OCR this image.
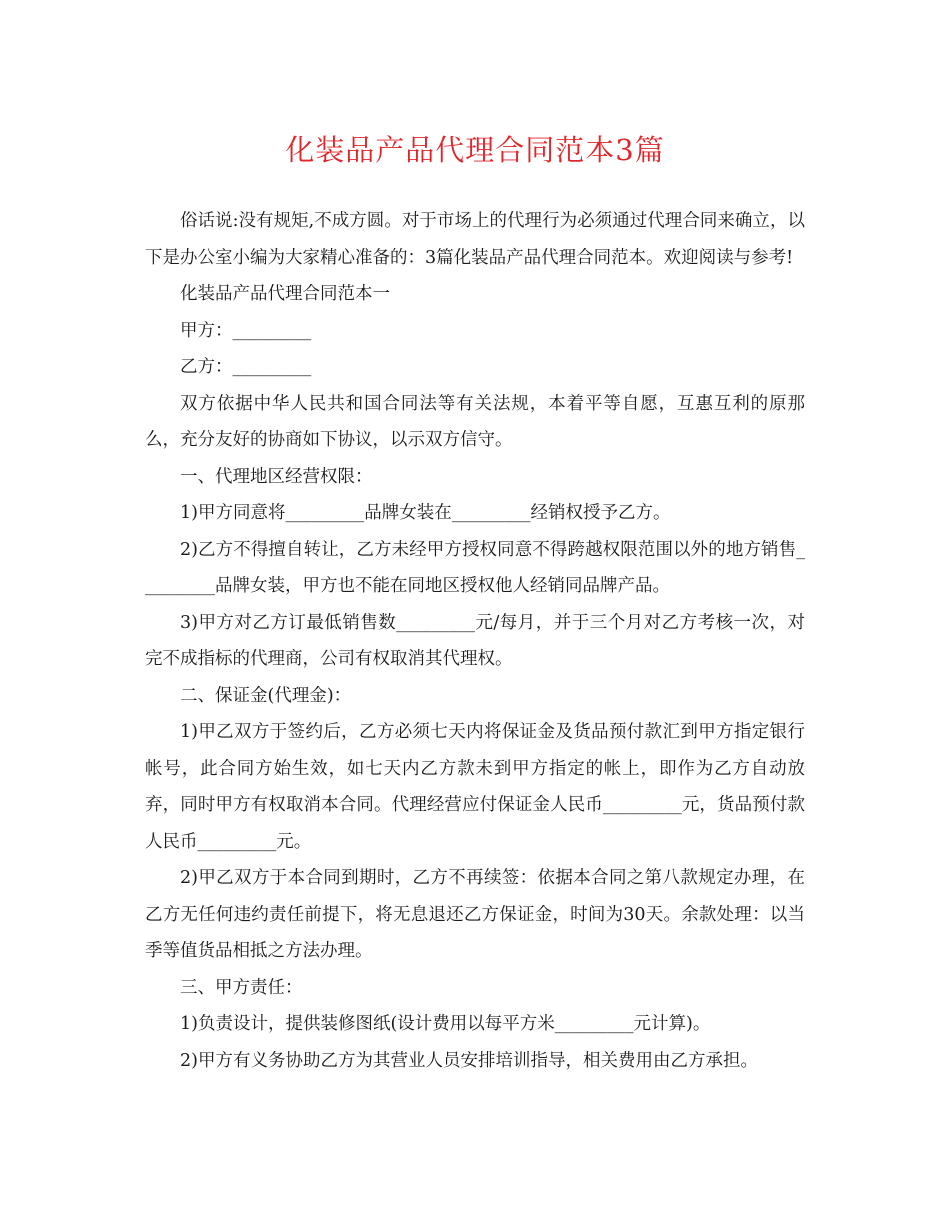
化装品产品代理合同范本3篇

俗话说:没有规矩,不成方圆。对于市场上的代理行为必须通过代理合同来确立，以下是办公室小编为大家精心准备的：3篇化装品产品代理合同范本。欢迎阅读与参考!

化装品产品代理合同范本一

甲方：_________

乙方：_________

双方依据中华人民共和国合同法等有关法规，本着平等自愿，互惠互利的原那么，充分友好的协商如下协议，以示双方信守。

一、代理地区经营权限：

1)甲方同意将_________品牌女装在_________经销权授予乙方。

2)乙方不得擅自转让，乙方未经甲方授权同意不得跨越权限范围以外的地方销售_________品牌女装，甲方也不能在同地区授权他人经销同品牌产品。

3)甲方对乙方订最低销售数_________元/每月，并于三个月对乙方考核一次，对完不成指标的代理商，公司有权取消其代理权。

二、保证金(代理金)：

1)甲乙双方于签约后，乙方必须七天内将保证金及货品预付款汇到甲方指定银行帐号，此合同方始生效，如七天内乙方款未到甲方指定的帐上，即作为乙方自动放弃，同时甲方有权取消本合同。代理经营应付保证金人民币_________元，货品预付款人民币_________元。

2)甲乙双方于本合同到期时，乙方不再续签：依据本合同之第八款规定办理，在乙方无任何违约责任前提下，将无息退还乙方保证金，时间为30天。余款处理：以当季等值货品相抵之方法办理。

三、甲方责任：

1)负责设计，提供装修图纸(设计费用以每平方米_________元计算)。

2)甲方有义务协助乙方为其营业人员安排培训指导，相关费用由乙方承担。
